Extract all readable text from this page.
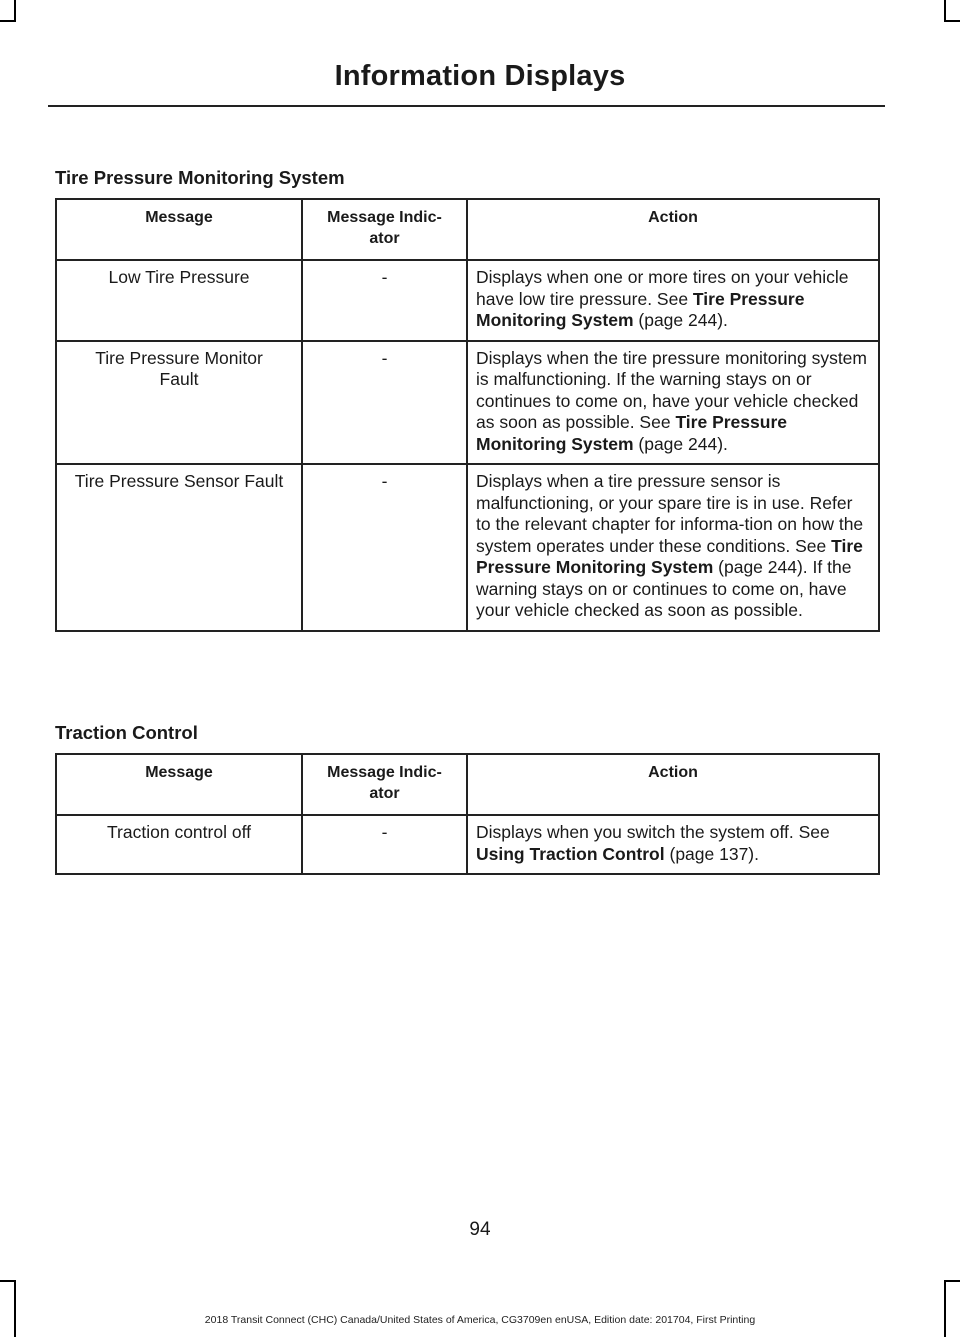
Information Displays
Tire Pressure Monitoring System
Message	Message Indic-ator	Action
Low Tire Pressure	-	Displays when one or more tires on your vehicle have low tire pressure. See Tire Pressure Monitoring System (page 244).
Tire Pressure Monitor Fault	-	Displays when the tire pressure monitoring system is malfunctioning. If the warning stays on or continues to come on, have your vehicle checked as soon as possible. See Tire Pressure Monitoring System (page 244).
Tire Pressure Sensor Fault	-	Displays when a tire pressure sensor is malfunctioning, or your spare tire is in use. Refer to the relevant chapter for informa-tion on how the system operates under these conditions. See Tire Pressure Monitoring System (page 244). If the warning stays on or continues to come on, have your vehicle checked as soon as possible.
Traction Control
Message	Message Indic-ator	Action
Traction control off	-	Displays when you switch the system off. See Using Traction Control (page 137).
94
2018 Transit Connect (CHC) Canada/United States of America, CG3709en enUSA, Edition date: 201704, First Printing
